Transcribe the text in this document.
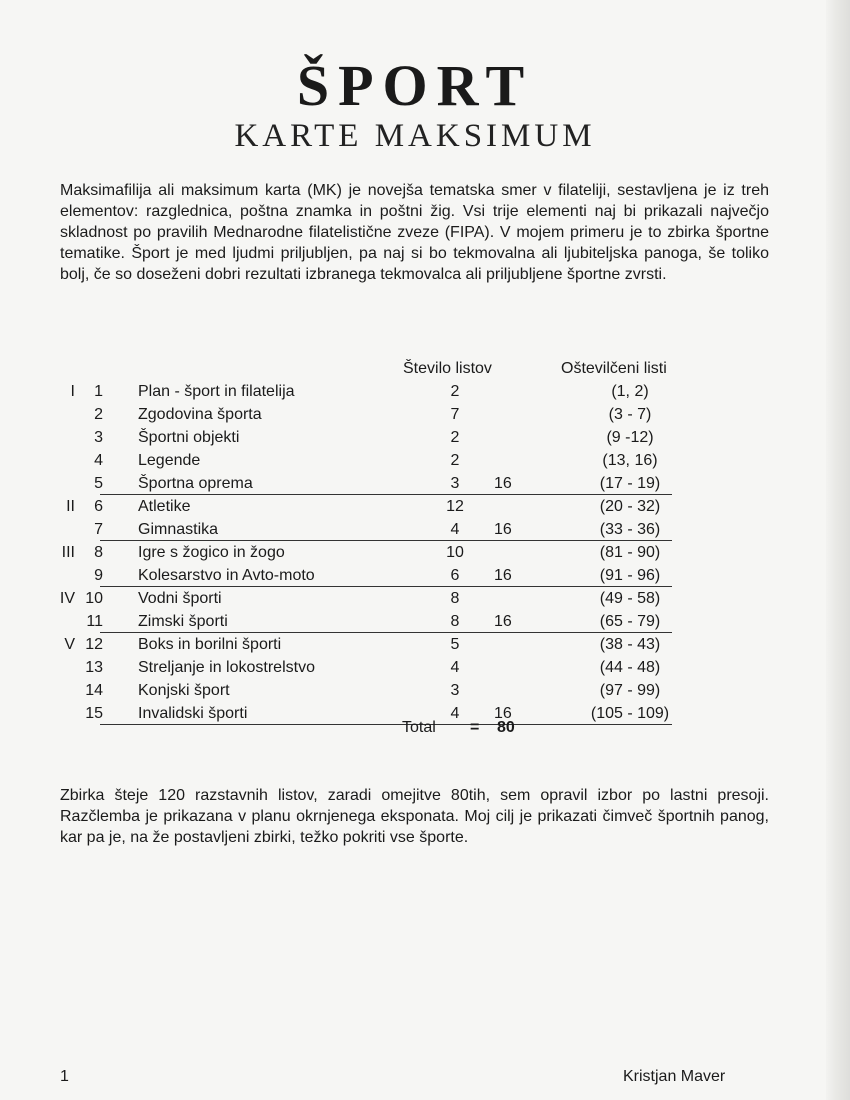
ŠPORT
KARTE MAKSIMUM

Maksimafilija ali maksimum karta (MK) je novejša tematska smer v filateliji, sestavljena je iz treh elementov: razglednica, poštna znamka in poštni žig. Vsi trije elementi naj bi prikazali največjo skladnost po pravilih Mednarodne filatelistične zveze (FIPA). V mojem primeru je to zbirka športne tematike. Šport je med ljudmi priljubljen, pa naj si bo tekmovalna ali ljubiteljska panoga, še toliko bolj, če so doseženi dobri rezultati izbranega tekmovalca ali priljubljene športne zvrsti.

Število listov	Oštevilčeni listi
I 1 Plan - šport in filatelija	2	(1, 2)
2 Zgodovina športa	7	(3 - 7)
3 Športni objekti	2	(9 -12)
4 Legende	2	(13, 16)
5 Športna oprema	3	16	(17 - 19)
II 6 Atletike	12	(20 - 32)
7 Gimnastika	4	16	(33 - 36)
III 8 Igre s žogico in žogo	10	(81 - 90)
9 Kolesarstvo in Avto-moto	6	16	(91 - 96)
IV 10 Vodni športi	8	(49 - 58)
11 Zimski športi	8	16	(65 - 79)
V 12 Boks in borilni športi	5	(38 - 43)
13 Streljanje in lokostrelstvo	4	(44 - 48)
14 Konjski šport	3	(97 - 99)
15 Invalidski športi	4	16	(105 - 109)
Total = 80

Zbirka šteje 120 razstavnih listov, zaradi omejitve 80tih, sem opravil izbor po lastni presoji. Razčlemba je prikazana v planu okrnjenega eksponata. Moj cilj je prikazati čimveč športnih panog, kar pa je, na že postavljeni zbirki, težko pokriti vse športe.

1	Kristjan Maver
